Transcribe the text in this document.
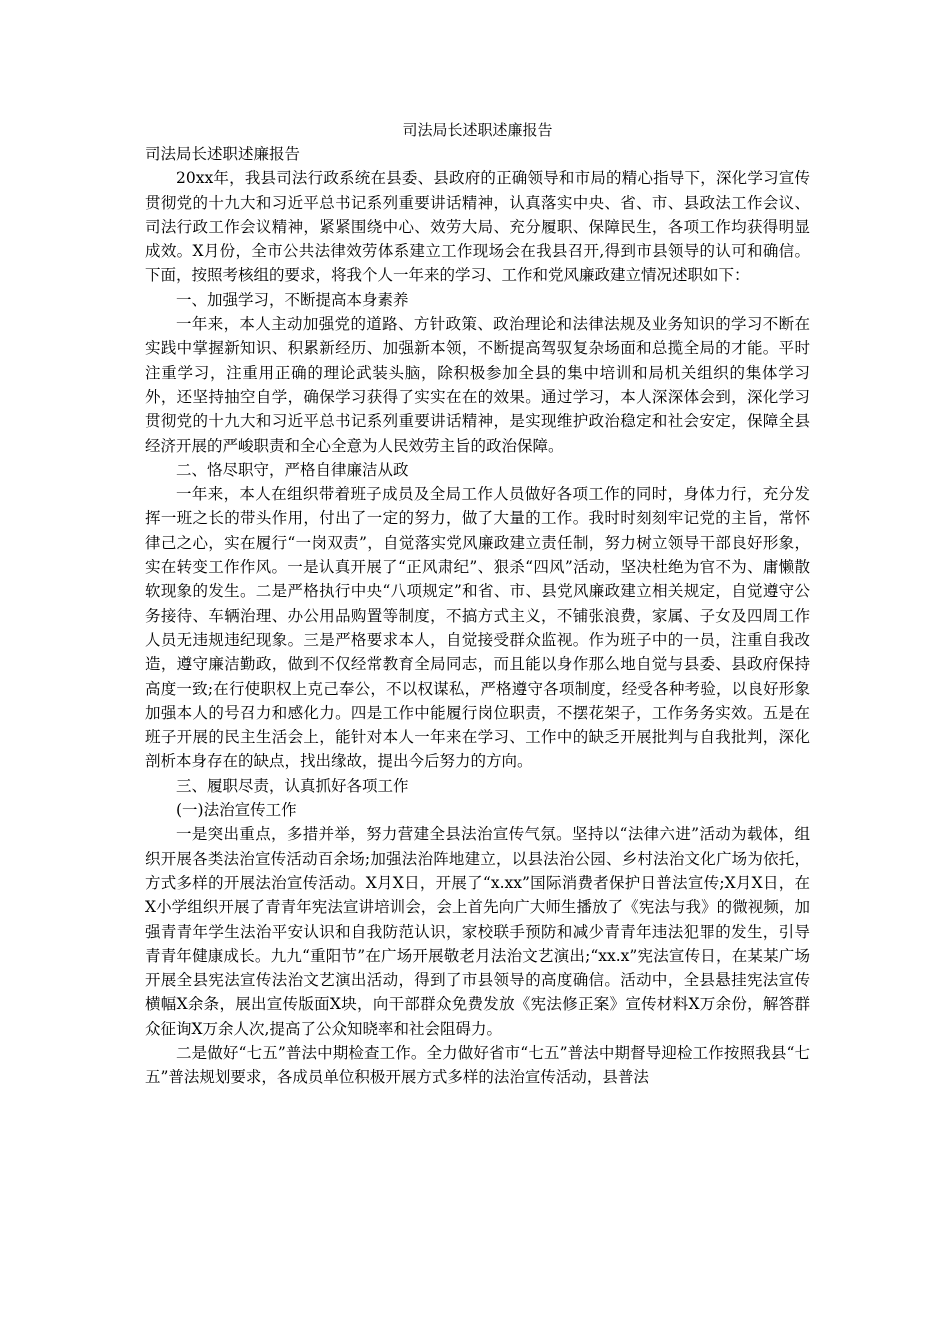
司法局长述职述廉报告

司法局长述职述廉报告

20xx年，我县司法行政系统在县委、县政府的正确领导和市局的精心指导下，深化学习宣传贯彻党的十九大和习近平总书记系列重要讲话精神，认真落实中央、省、市、县政法工作会议、司法行政工作会议精神，紧紧围绕中心、效劳大局、充分履职、保障民生，各项工作均获得明显成效。X月份，全市公共法律效劳体系建立工作现场会在我县召开,得到市县领导的认可和确信。下面，按照考核组的要求，将我个人一年来的学习、工作和党风廉政建立情况述职如下：

一、加强学习，不断提高本身素养

一年来，本人主动加强党的道路、方针政策、政治理论和法律法规及业务知识的学习不断在实践中掌握新知识、积累新经历、加强新本领，不断提高驾驭复杂场面和总揽全局的才能。平时注重学习，注重用正确的理论武装头脑，除积极参加全县的集中培训和局机关组织的集体学习外，还坚持抽空自学，确保学习获得了实实在在的效果。通过学习，本人深深体会到，深化学习贯彻党的十九大和习近平总书记系列重要讲话精神，是实现维护政治稳定和社会安定，保障全县经济开展的严峻职责和全心全意为人民效劳主旨的政治保障。

二、恪尽职守，严格自律廉洁从政

一年来，本人在组织带着班子成员及全局工作人员做好各项工作的同时，身体力行，充分发挥一班之长的带头作用，付出了一定的努力，做了大量的工作。我时时刻刻牢记党的主旨，常怀律己之心，实在履行“一岗双责”，自觉落实党风廉政建立责任制，努力树立领导干部良好形象，实在转变工作作风。一是认真开展了“正风肃纪”、狠杀“四风”活动，坚决杜绝为官不为、庸懒散软现象的发生。二是严格执行中央“八项规定”和省、市、县党风廉政建立相关规定，自觉遵守公务接待、车辆治理、办公用品购置等制度，不搞方式主义，不铺张浪费，家属、子女及四周工作人员无违规违纪现象。三是严格要求本人，自觉接受群众监视。作为班子中的一员，注重自我改造，遵守廉洁勤政，做到不仅经常教育全局同志，而且能以身作那么地自觉与县委、县政府保持高度一致;在行使职权上克己奉公，不以权谋私，严格遵守各项制度，经受各种考验，以良好形象加强本人的号召力和感化力。四是工作中能履行岗位职责，不摆花架子，工作务务实效。五是在班子开展的民主生活会上，能针对本人一年来在学习、工作中的缺乏开展批判与自我批判，深化剖析本身存在的缺点，找出缘故，提出今后努力的方向。

三、履职尽责，认真抓好各项工作

(一)法治宣传工作

一是突出重点，多措并举，努力营建全县法治宣传气氛。坚持以“法律六进”活动为载体，组织开展各类法治宣传活动百余场;加强法治阵地建立，以县法治公园、乡村法治文化广场为依托，方式多样的开展法治宣传活动。X月X日，开展了“x.xx”国际消费者保护日普法宣传;X月X日，在X小学组织开展了青青年宪法宣讲培训会，会上首先向广大师生播放了《宪法与我》的微视频，加强青青年学生法治平安认识和自我防范认识，家校联手预防和减少青青年违法犯罪的发生，引导青青年健康成长。九九“重阳节”在广场开展敬老月法治文艺演出;“xx.x”宪法宣传日，在某某广场开展全县宪法宣传法治文艺演出活动，得到了市县领导的高度确信。活动中，全县悬挂宪法宣传横幅X余条，展出宣传版面X块，向干部群众免费发放《宪法修正案》宣传材料X万余份，解答群众征询X万余人次,提高了公众知晓率和社会阻碍力。

二是做好“七五”普法中期检查工作。全力做好省市“七五”普法中期督导迎检工作按照我县“七五”普法规划要求，各成员单位积极开展方式多样的法治宣传活动，县普法
